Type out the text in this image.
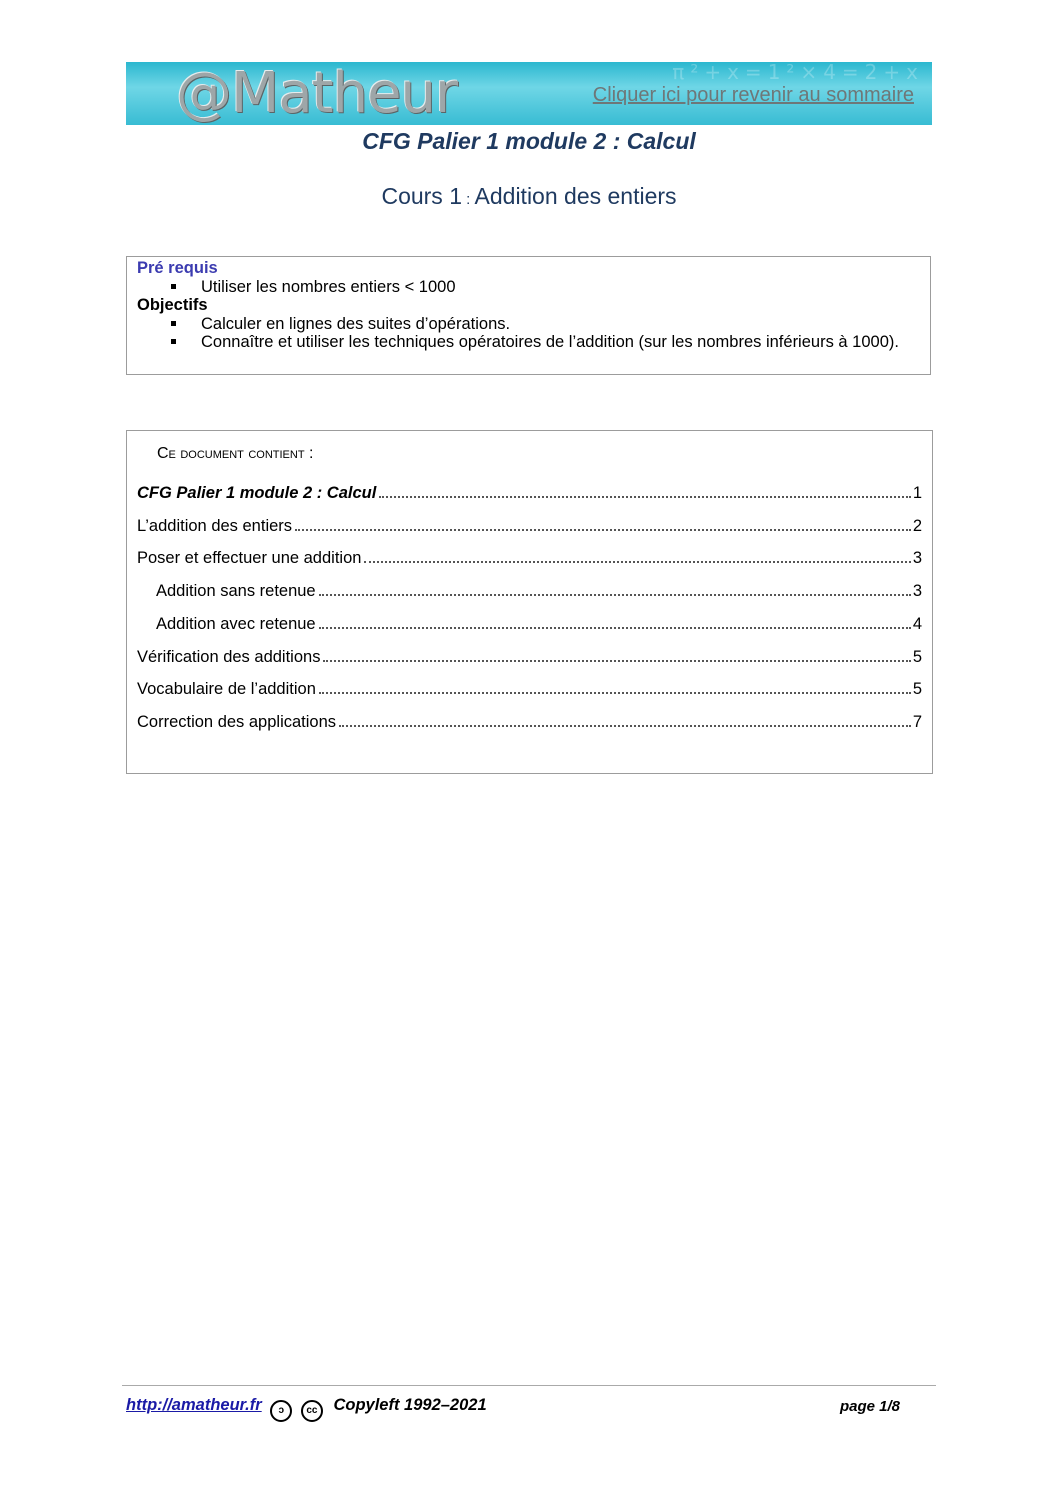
π²+x=1²×4=2+x
@Matheur	Cliquer ici pour revenir au sommaire
CFG Palier 1 module 2 : Calcul
Cours 1 : Addition des entiers
Pré requis
Utiliser les nombres entiers < 1000
Objectifs
Calculer en lignes des suites d’opérations.
Connaître et utiliser les techniques opératoires de l’addition (sur les nombres inférieurs à 1000).
Ce document contient :
CFG Palier 1 module 2 : Calcul	1
L’addition des entiers	2
Poser et effectuer une addition	3
Addition sans retenue	3
Addition avec retenue	4
Vérification des additions	5
Vocabulaire de l’addition	5
Correction des applications	7
http://amatheur.fr ↄ cc Copyleft 1992–2021	page 1/8
